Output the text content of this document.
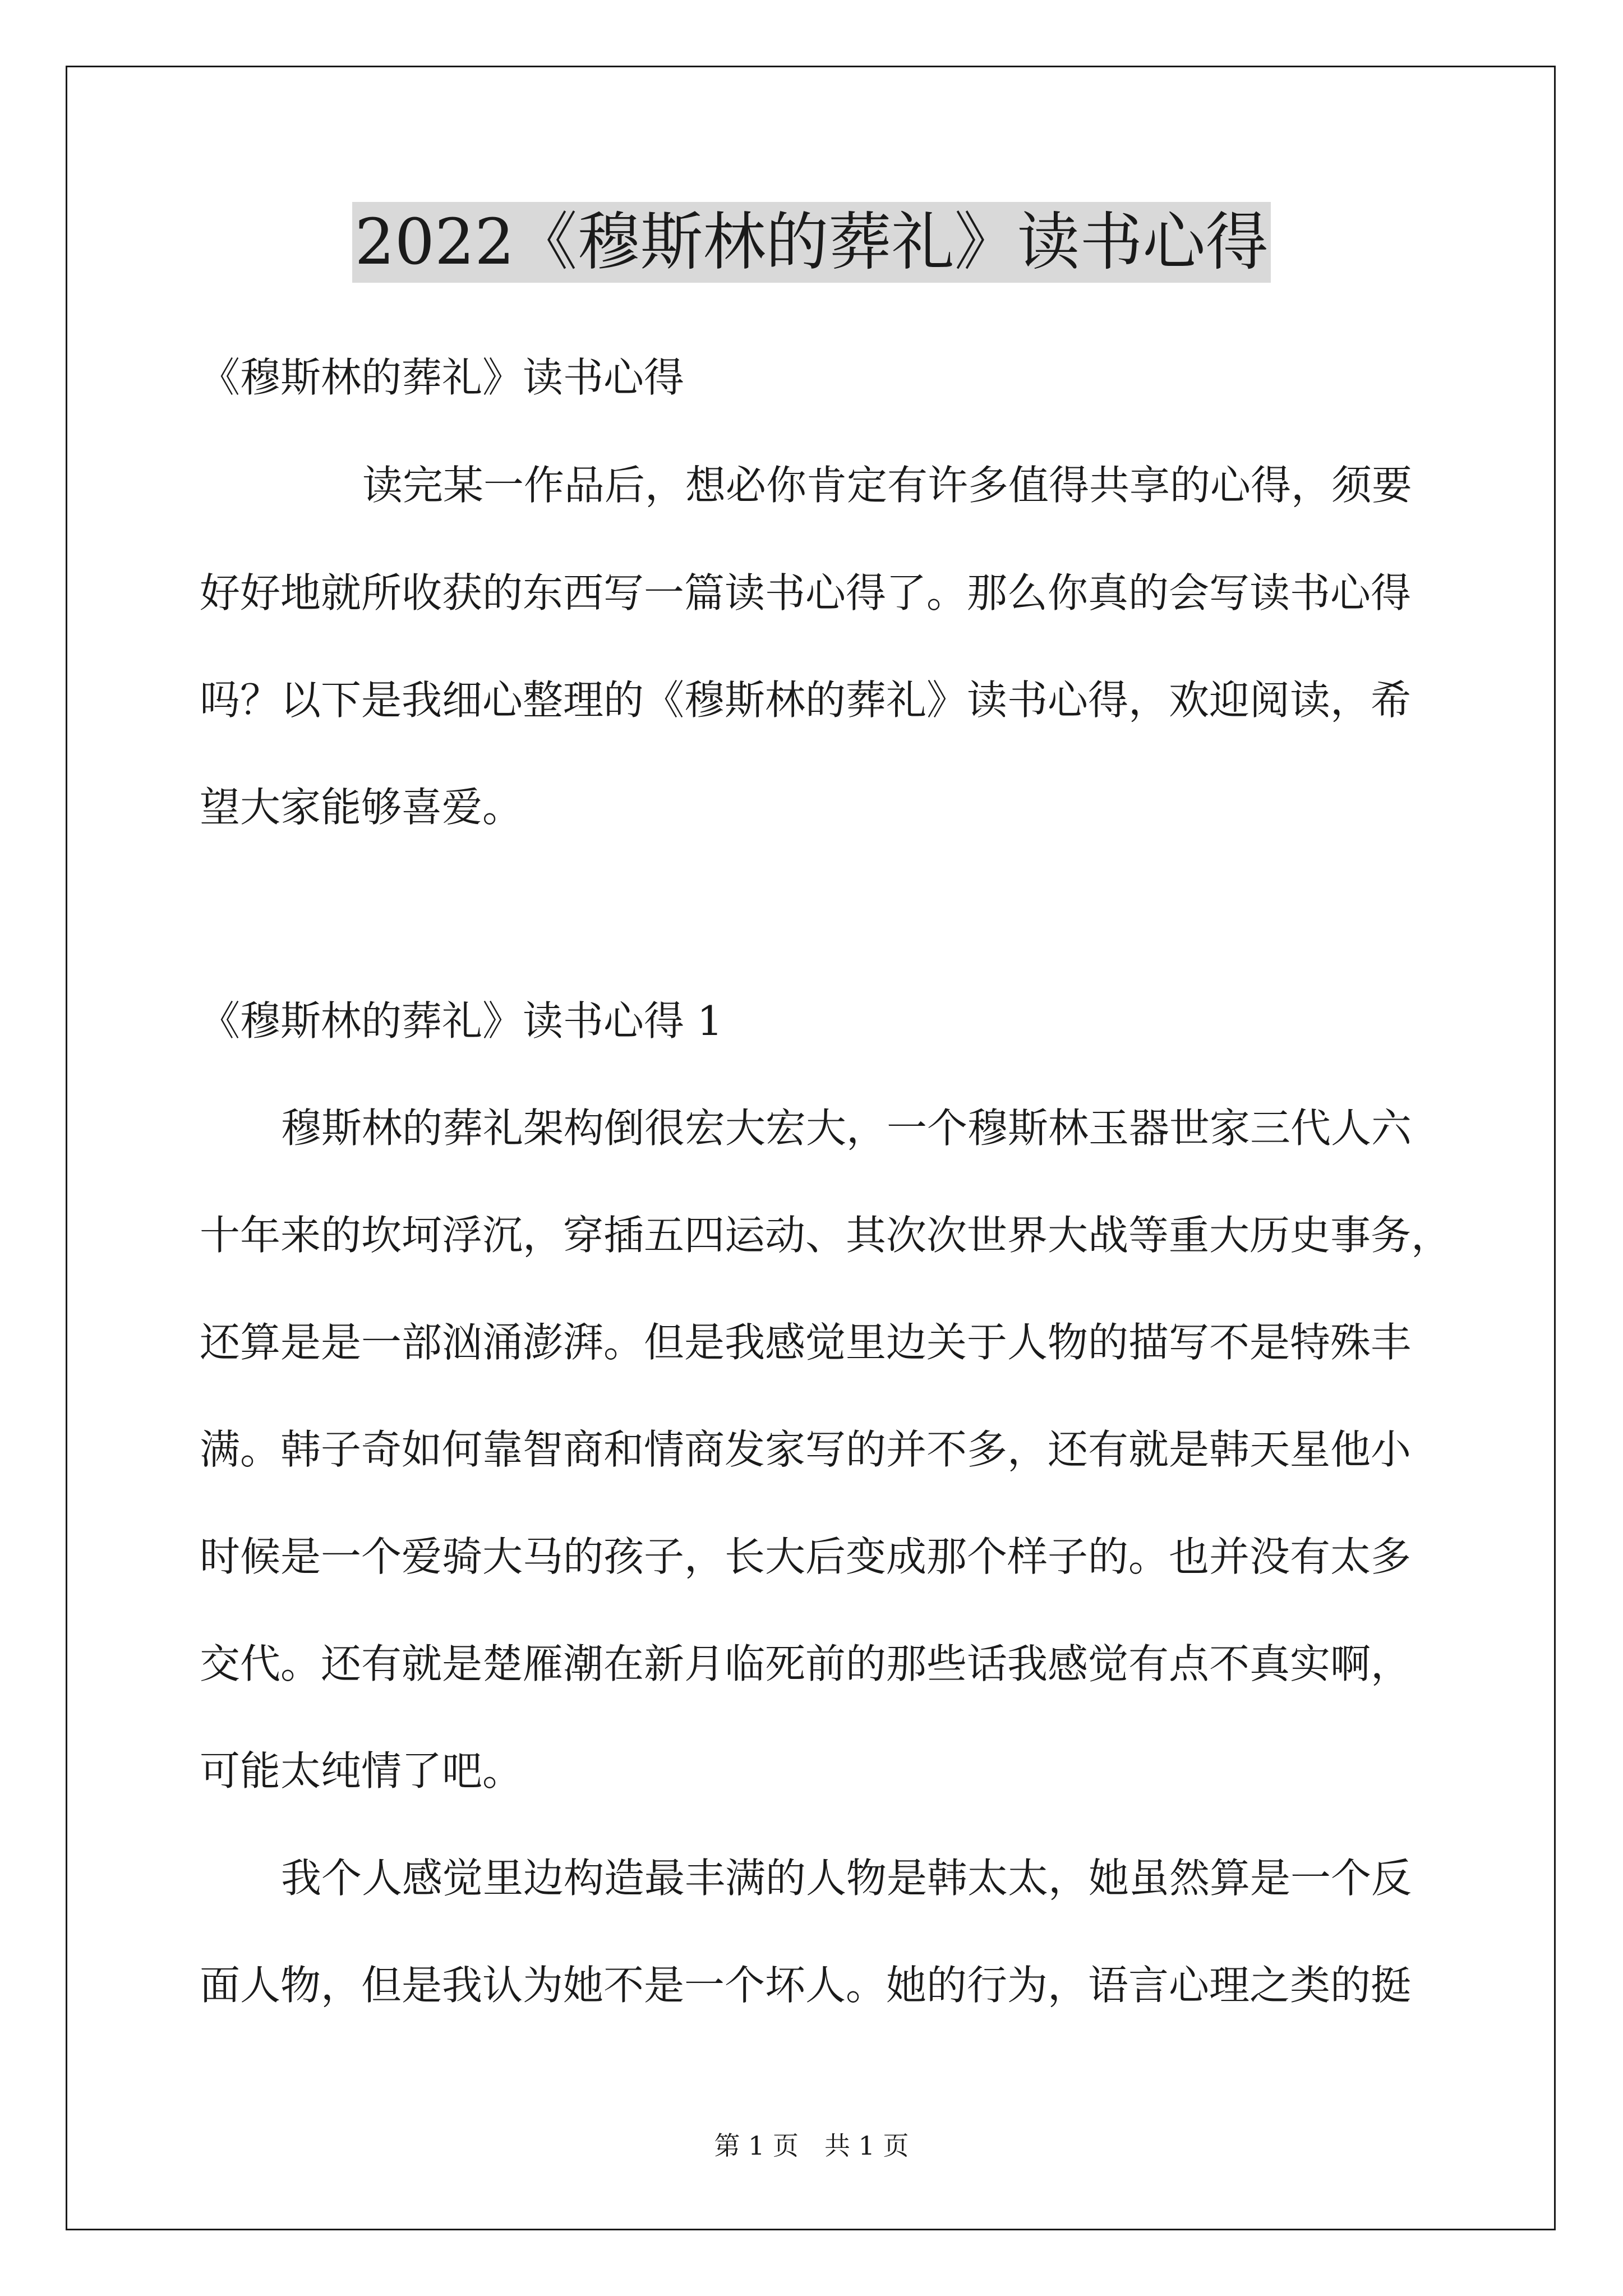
2022《穆斯林的葬礼》读书心得

《穆斯林的葬礼》读书心得

读完某一作品后，想必你肯定有许多值得共享的心得，须要

好好地就所收获的东西写一篇读书心得了。那么你真的会写读书心得

吗？以下是我细心整理的《穆斯林的葬礼》读书心得，欢迎阅读，希

望大家能够喜爱。

《穆斯林的葬礼》读书心得 1

穆斯林的葬礼架构倒很宏大宏大，一个穆斯林玉器世家三代人六

十年来的坎坷浮沉，穿插五四运动、其次次世界大战等重大历史事务，

还算是是一部汹涌澎湃。但是我感觉里边关于人物的描写不是特殊丰

满。韩子奇如何靠智商和情商发家写的并不多，还有就是韩天星他小

时候是一个爱骑大马的孩子，长大后变成那个样子的。也并没有太多

交代。还有就是楚雁潮在新月临死前的那些话我感觉有点不真实啊，

可能太纯情了吧。

我个人感觉里边构造最丰满的人物是韩太太，她虽然算是一个反

面人物，但是我认为她不是一个坏人。她的行为，语言心理之类的挺

第 1 页　共 1 页
